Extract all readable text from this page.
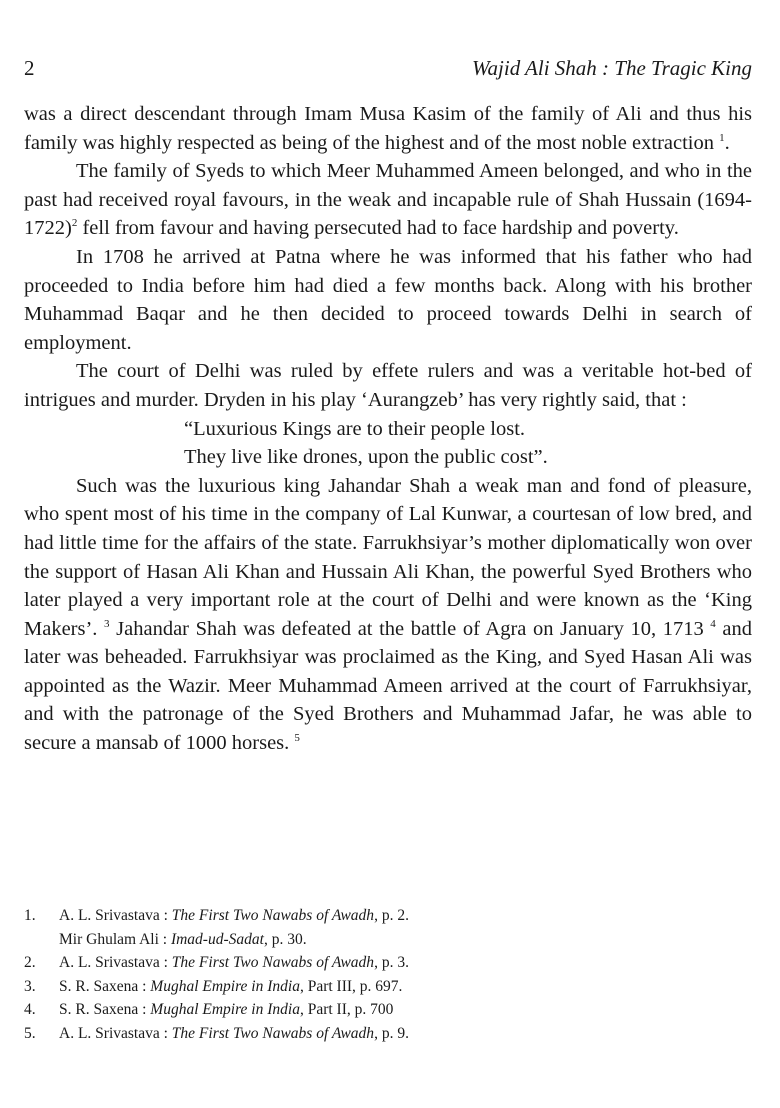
2	Wajid Ali Shah : The Tragic King

was a direct descendant through Imam Musa Kasim of the family of Ali and thus his family was highly respected as being of the highest and of the most noble extraction $^1$.

The family of Syeds to which Meer Muhammed Ameen belonged, and who in the past had received royal favours, in the weak and incapable rule of Shah Hussain (1694-1722)$^2$ fell from favour and having persecuted had to face hardship and poverty.

In 1708 he arrived at Patna where he was informed that his father who had proceeded to India before him had died a few months back. Along with his brother Muhammad Baqar and he then decided to proceed towards Delhi in search of employment.

The court of Delhi was ruled by effete rulers and was a veritable hot-bed of intrigues and murder. Dryden in his play ‘Aurangzeb’ has very rightly said, that :

“Luxurious Kings are to their people lost.
They live like drones, upon the public cost”.

Such was the luxurious king Jahandar Shah a weak man and fond of pleasure, who spent most of his time in the company of Lal Kunwar, a courtesan of low bred, and had little time for the affairs of the state. Farrukhsiyar’s mother diplomatically won over the support of Hasan Ali Khan and Hussain Ali Khan, the powerful Syed Brothers who later played a very important role at the court of Delhi and were known as the ‘King Makers’. $^3$ Jahandar Shah was defeated at the battle of Agra on January 10, 1713 $^4$ and later was beheaded. Farrukhsiyar was proclaimed as the King, and Syed Hasan Ali was appointed as the Wazir. Meer Muhammad Ameen arrived at the court of Farrukhsiyar, and with the patronage of the Syed Brothers and Muhammad Jafar, he was able to secure a mansab of 1000 horses. $^5$

1. A. L. Srivastava : The First Two Nawabs of Awadh, p. 2.
Mir Ghulam Ali : Imad-ud-Sadat, p. 30.
2. A. L. Srivastava : The First Two Nawabs of Awadh, p. 3.
3. S. R. Saxena : Mughal Empire in India, Part III, p. 697.
4. S. R. Saxena : Mughal Empire in India, Part II, p. 700
5. A. L. Srivastava : The First Two Nawabs of Awadh, p. 9.
